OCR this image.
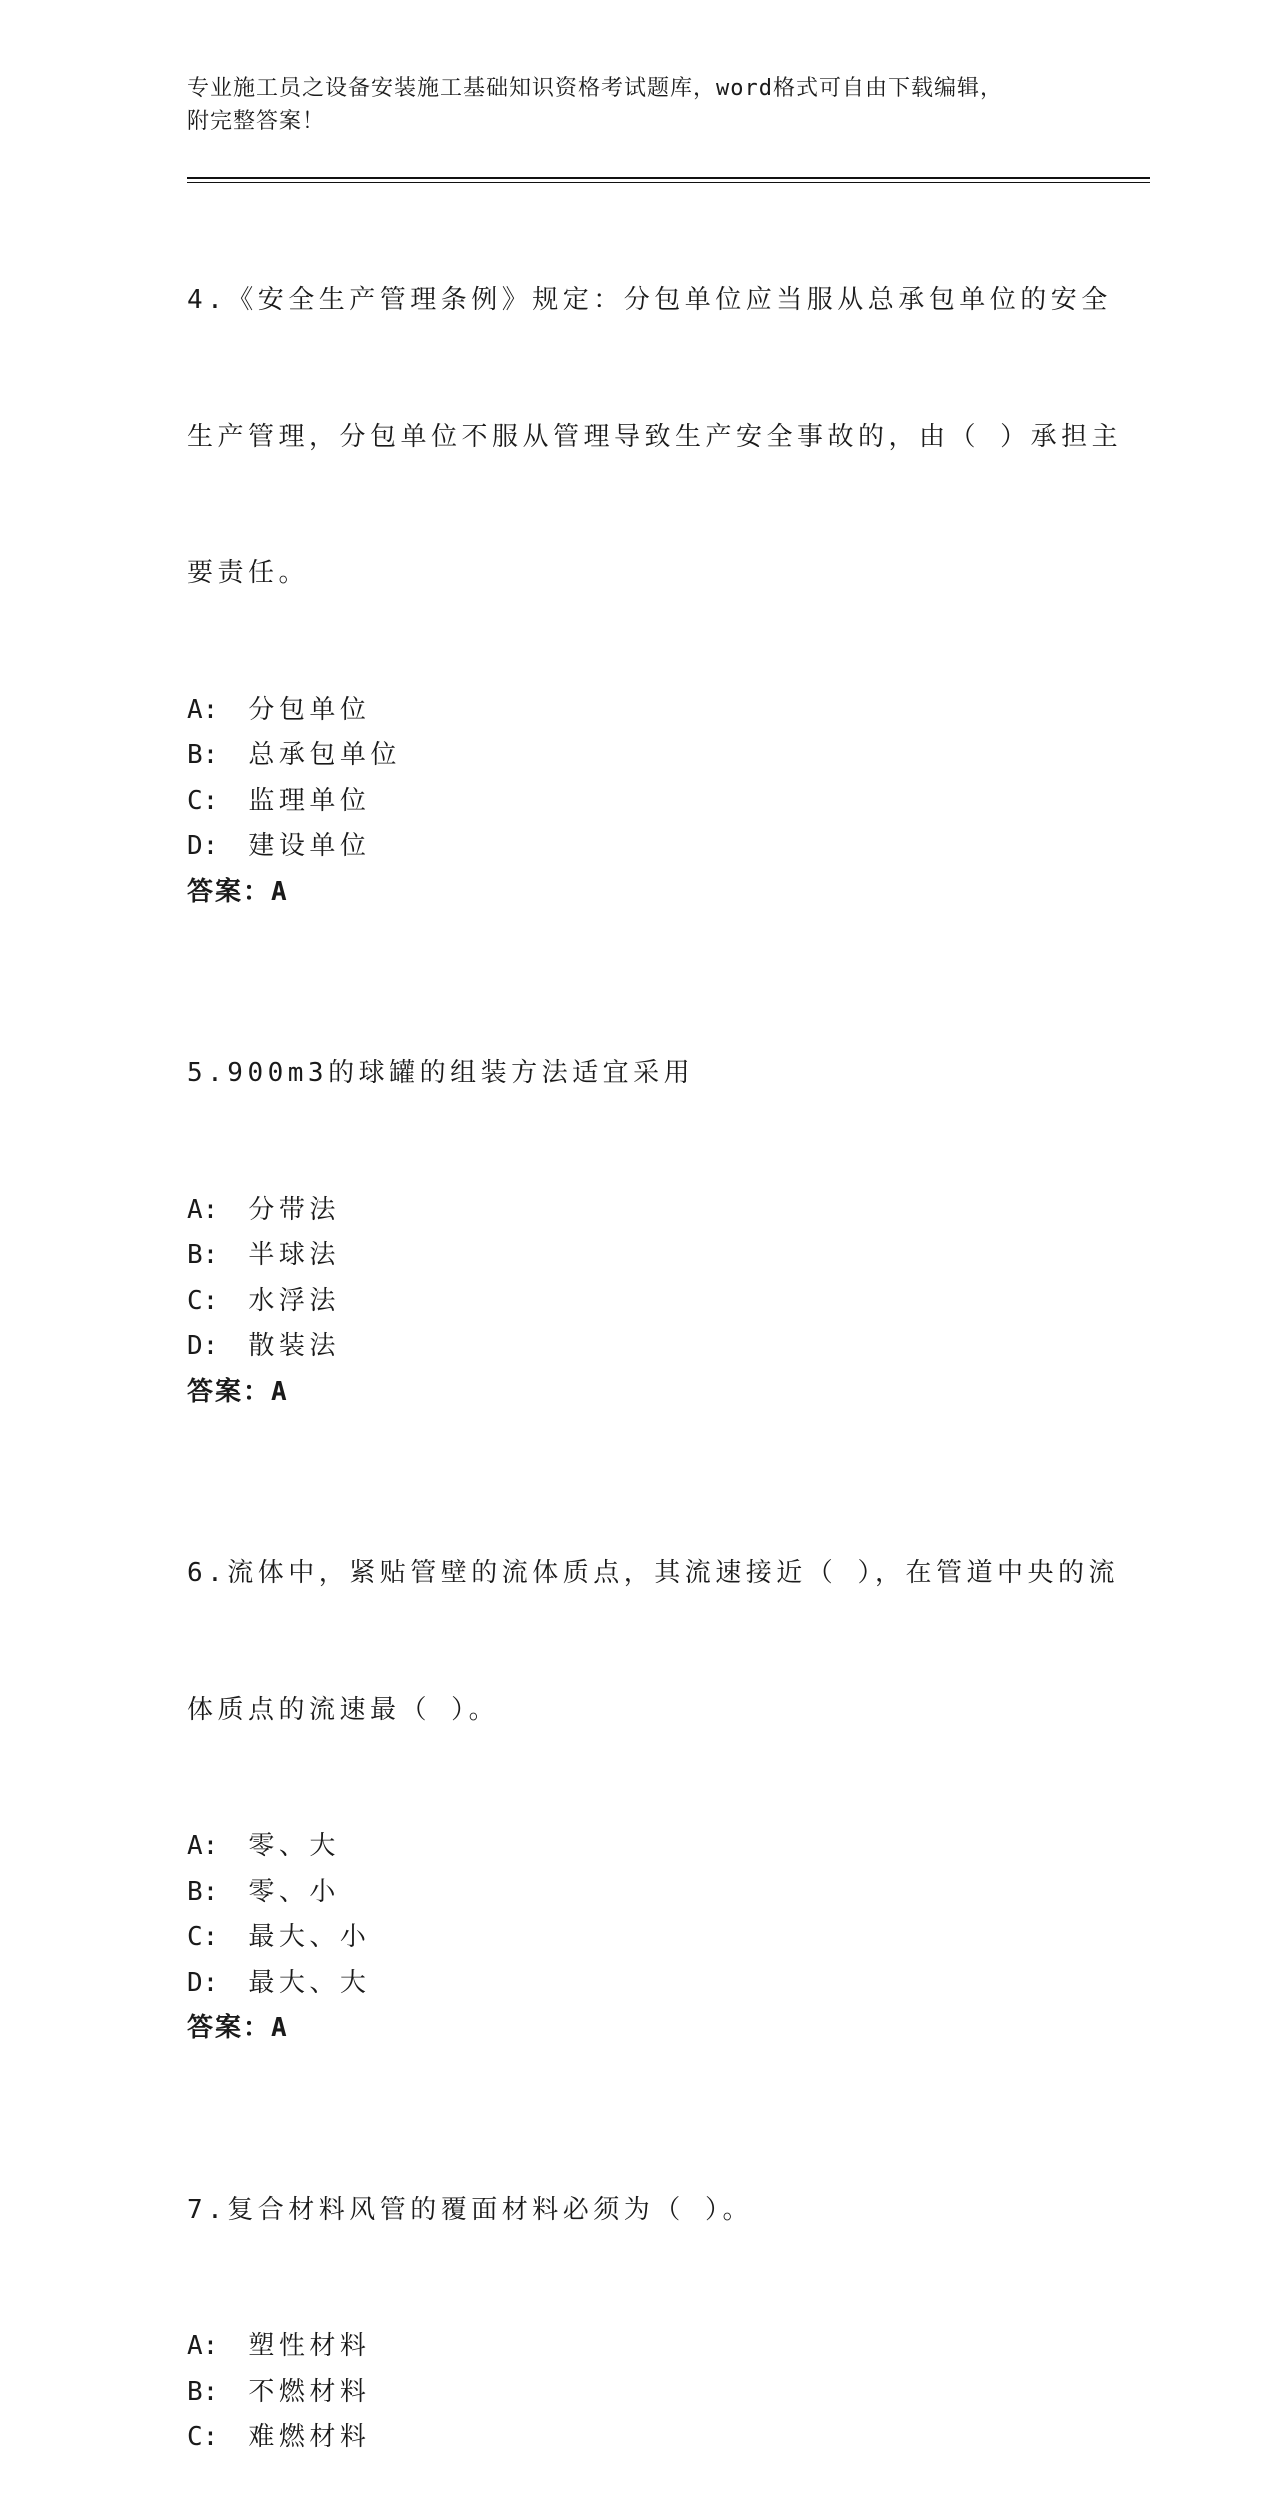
专业施工员之设备安装施工基础知识资格考试题库，word格式可自由下载编辑，
附完整答案！

4.《安全生产管理条例》规定：分包单位应当服从总承包单位的安全

生产管理，分包单位不服从管理导致生产安全事故的，由（ ）承担主

要责任。

A: 分包单位
B: 总承包单位
C: 监理单位
D: 建设单位
答案：A

5.900m3的球罐的组装方法适宜采用

A: 分带法
B: 半球法
C: 水浮法
D: 散装法
答案：A

6.流体中，紧贴管壁的流体质点，其流速接近（ ），在管道中央的流

体质点的流速最（ ）。

A: 零、大
B: 零、小
C: 最大、小
D: 最大、大
答案：A

7.复合材料风管的覆面材料必须为（ ）。

A: 塑性材料
B: 不燃材料
C: 难燃材料
